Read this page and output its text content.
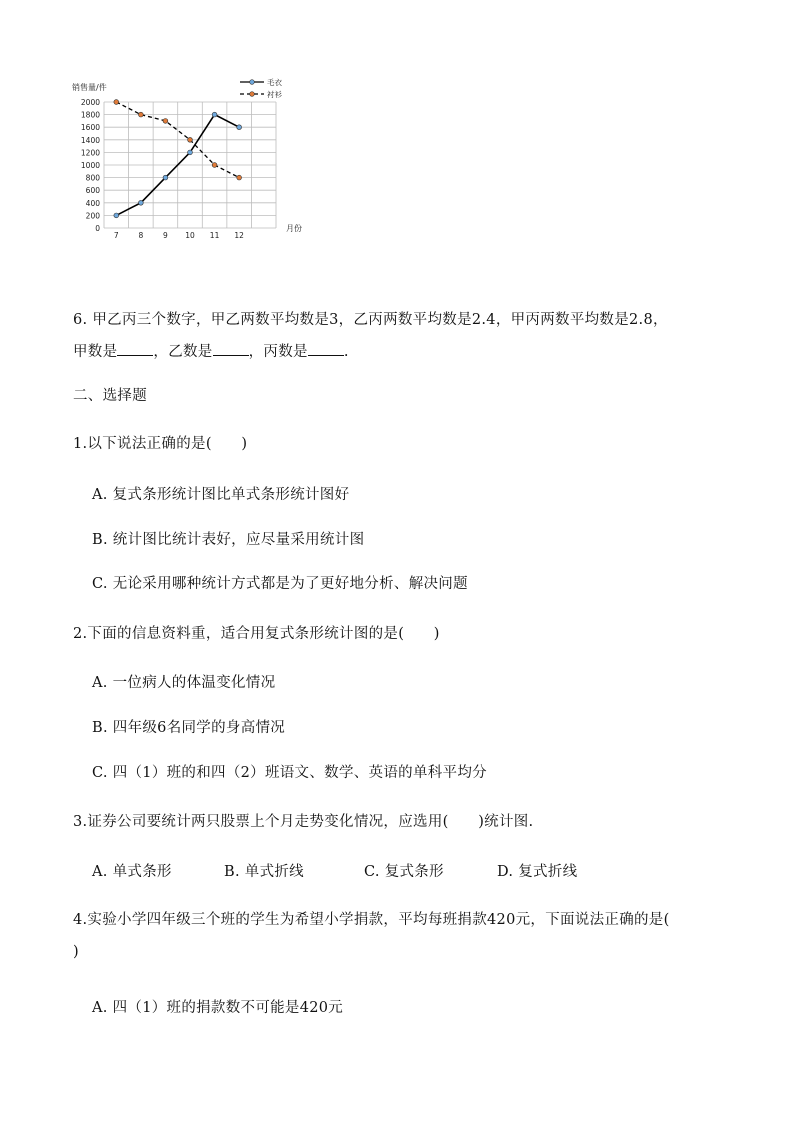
0
200
400
600
800
1000
1200
1400
1600
1800
2000
7	8	9 10 11 12
销售量/件
月份
毛衣
衬衫
6. 甲乙丙三个数字，甲乙两数平均数是3，乙丙两数平均数是2.4，甲丙两数平均数是2.8，
甲数是 ，乙数是 ，丙数是 .
二、选择题
1.以下说法正确的是(　　)
A. 复式条形统计图比单式条形统计图好
B. 统计图比统计表好，应尽量采用统计图
C. 无论采用哪种统计方式都是为了更好地分析、解决问题
2.下面的信息资料重，适合用复式条形统计图的是(　　)
A. 一位病人的体温变化情况
B. 四年级6名同学的身高情况
C. 四（1）班的和四（2）班语文、数学、英语的单科平均分
3.证券公司要统计两只股票上个月走势变化情况，应选用(　　)统计图.
A. 单式条形	B. 单式折线	C. 复式条形	D. 复式折线
4.实验小学四年级三个班的学生为希望小学捐款，平均每班捐款420元，下面说法正确的是(
)
A. 四（1）班的捐款数不可能是420元
